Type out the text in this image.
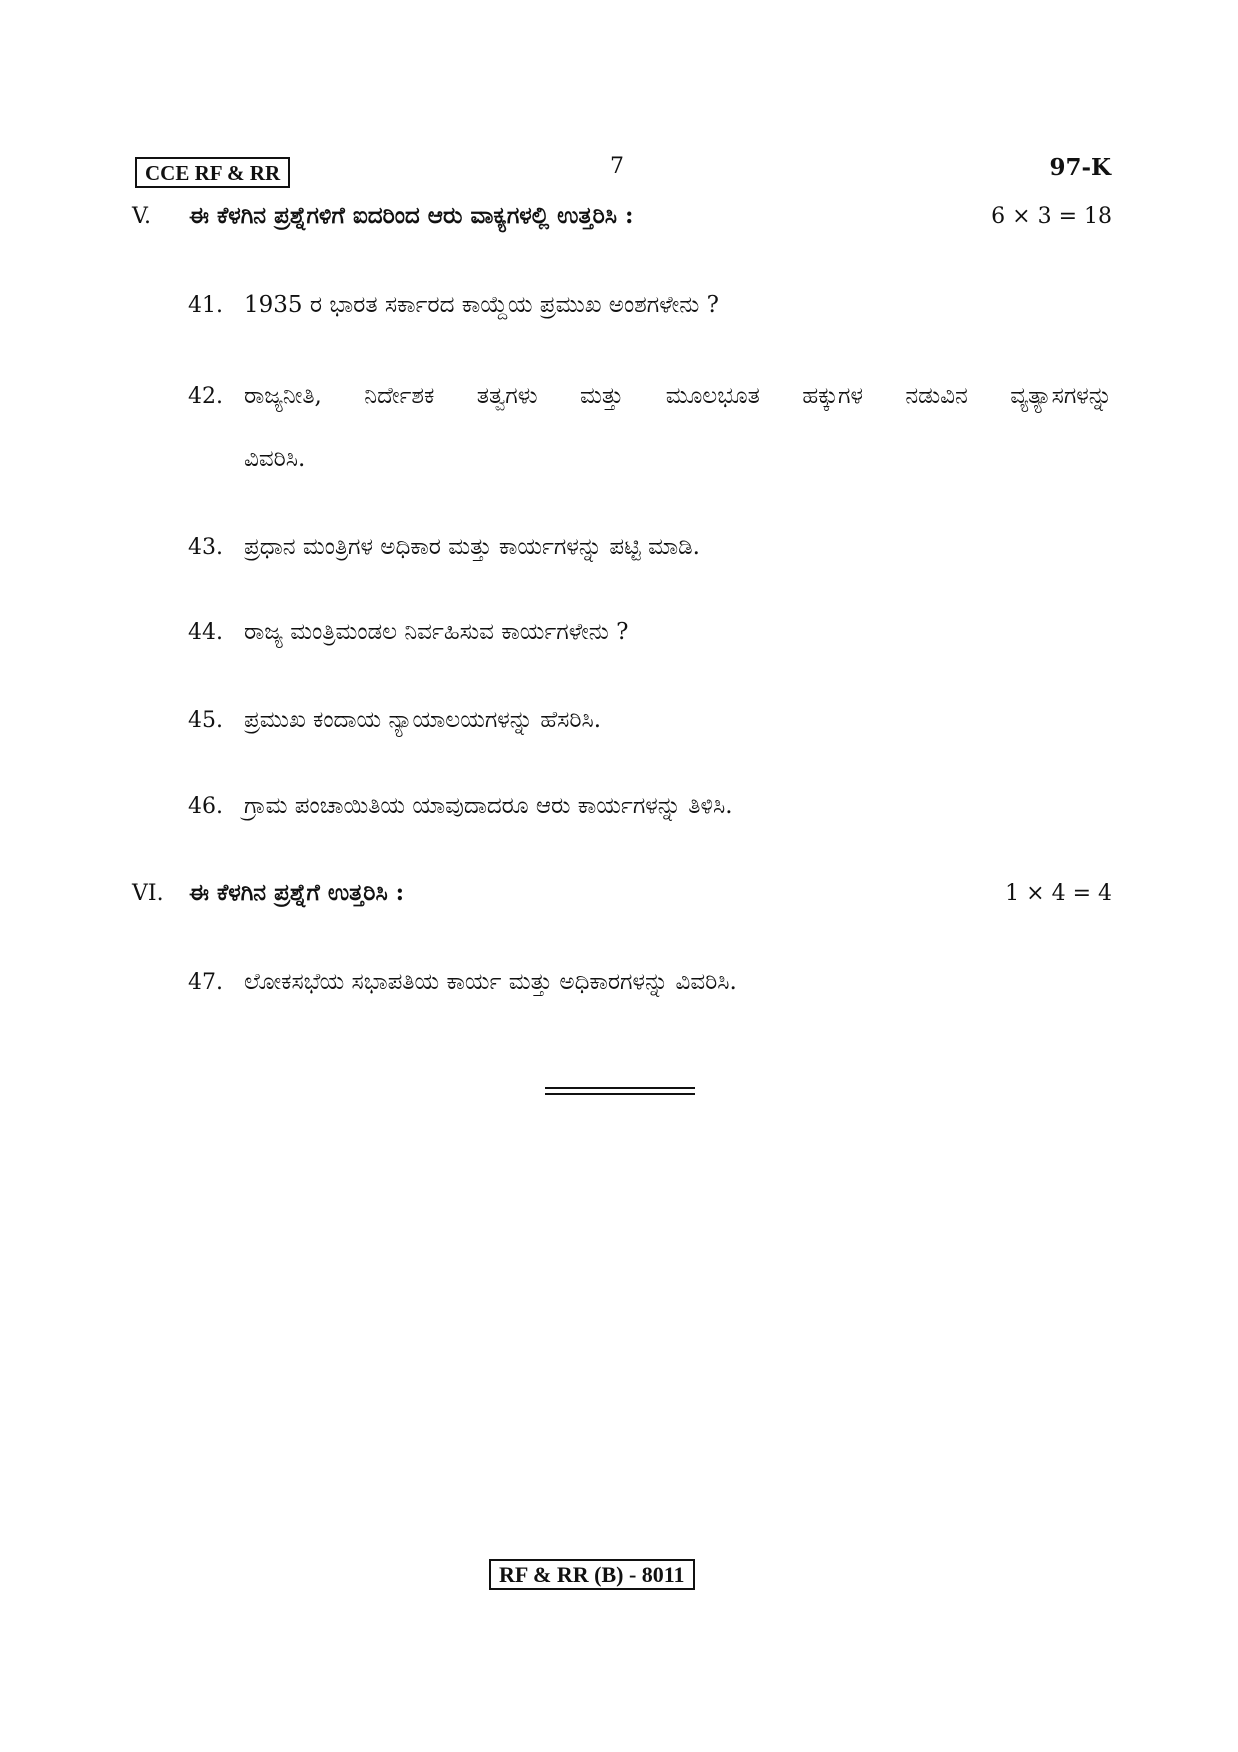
CCE RF & RR	7	97-K
V. ಈ ಕೆಳಗಿನ ಪ್ರಶ್ನೆಗಳಿಗೆ ಐದರಿಂದ ಆರು ವಾಕ್ಯಗಳಲ್ಲಿ ಉತ್ತರಿಸಿ :	6 × 3 = 18
41. 1935 ರ ಭಾರತ ಸರ್ಕಾರದ ಕಾಯ್ದೆಯ ಪ್ರಮುಖ ಅಂಶಗಳೇನು ?
42. ರಾಜ್ಯನೀತಿ, ನಿರ್ದೇಶಕ ತತ್ವಗಳು ಮತ್ತು ಮೂಲಭೂತ ಹಕ್ಕುಗಳ ನಡುವಿನ ವ್ಯತ್ಯಾಸಗಳನ್ನು
ವಿವರಿಸಿ.
43. ಪ್ರಧಾನ ಮಂತ್ರಿಗಳ ಅಧಿಕಾರ ಮತ್ತು ಕಾರ್ಯಗಳನ್ನು ಪಟ್ಟಿ ಮಾಡಿ.
44. ರಾಜ್ಯ ಮಂತ್ರಿಮಂಡಲ ನಿರ್ವಹಿಸುವ ಕಾರ್ಯಗಳೇನು ?
45. ಪ್ರಮುಖ ಕಂದಾಯ ನ್ಯಾಯಾಲಯಗಳನ್ನು ಹೆಸರಿಸಿ.
46. ಗ್ರಾಮ ಪಂಚಾಯಿತಿಯ ಯಾವುದಾದರೂ ಆರು ಕಾರ್ಯಗಳನ್ನು ತಿಳಿಸಿ.
VI. ಈ ಕೆಳಗಿನ ಪ್ರಶ್ನೆಗೆ ಉತ್ತರಿಸಿ :	1 × 4 = 4
47. ಲೋಕಸಭೆಯ ಸಭಾಪತಿಯ ಕಾರ್ಯ ಮತ್ತು ಅಧಿಕಾರಗಳನ್ನು ವಿವರಿಸಿ.
RF & RR (B) - 8011
